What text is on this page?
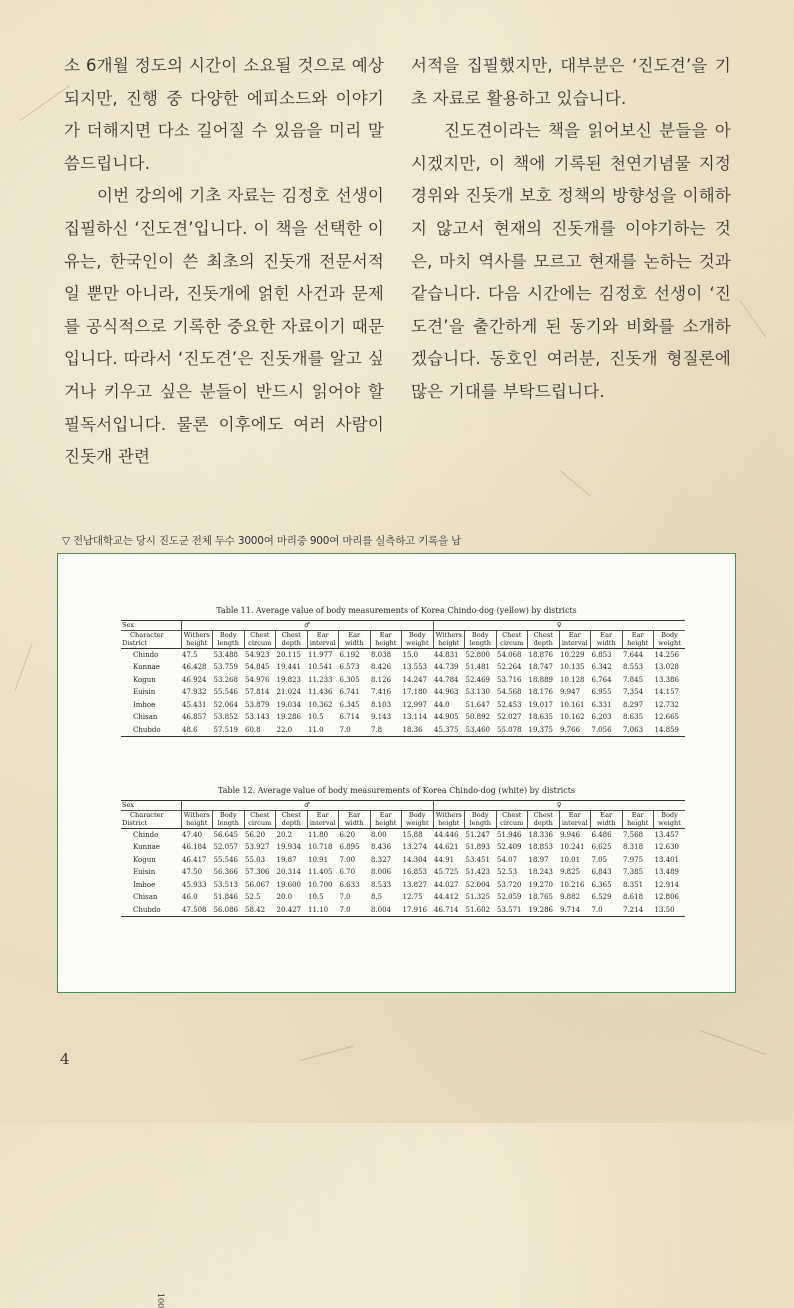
소 6개월 정도의 시간이 소요될 것으로 예상되지만, 진행 중 다양한 에피소드와 이야기가 더해지면 다소 길어질 수 있음을 미리 말씀드립니다.

이번 강의에 기초 자료는 김정호 선생이 집필하신 ‘진도견’입니다. 이 책을 선택한 이유는, 한국인이 쓴 최초의 진돗개 전문서적일 뿐만 아니라, 진돗개에 얽힌 사건과 문제를 공식적으로 기록한 중요한 자료이기 때문입니다. 따라서 ‘진도견’은 진돗개를 알고 싶거나 키우고 싶은 분들이 반드시 읽어야 할 필독서입니다. 물론 이후에도 여러 사람이 진돗개 관련

서적을 집필했지만, 대부분은 ‘진도견’을 기초 자료로 활용하고 있습니다.

진도견이라는 책을 읽어보신 분들을 아시겠지만, 이 책에 기록된 천연기념물 지정 경위와 진돗개 보호 정책의 방향성을 이해하지 않고서 현재의 진돗개를 이야기하는 것은, 마치 역사를 모르고 현재를 논하는 것과 같습니다. 다음 시간에는 김정호 선생이 ‘진도견’을 출간하게 된 동기와 비화를 소개하겠습니다. 동호인 여러분, 진돗개 형질론에 많은 기대를 부탁드립니다.

▽ 전남대학교는 당시 진도군 전체 두수 3000여 마리중 900여 마리를 실측하고 기록을 남
100
Table 11. Average value of body measurements of Korea Chindo-dog (yellow) by districts
Sex	♂								♀							

Character
District	Withers height	Body length	Chest circum	Chest depth	Ear interval	Ear width	Ear height	Body weight	Withers height	Body length	Chest circum	Chest depth	Ear interval	Ear width	Ear height	Body weight
Chindo	47.5	53.488	54.923	20.115	11.977	6.192	8.038	15.0	44.831	52.800	54.068	18.876	10.229	6.853	7.644	14.256
Kunnae	46.428	53.759	54.845	19.441	10.541	6.573	8.426	13.553	44.739	51.481	52.264	18.747	10.135	6.342	8.553	13.028
Kogun	46.924	53.268	54.976	19.823	11.233	6.305	8.126	14.247	44.784	52.469	53.716	18.889	10.128	6.764	7.845	13.386
Euisin	47.932	55.546	57.814	21.024	11.436	6.741	7.416	17.180	44.963	53.130	54.568	18.176	9.947	6.955	7.354	14.157
Imhoe	45.431	52.064	53.879	19.034	10.362	6.345	8.103	12.997	44.0	51.647	52.453	19.017	10.161	6.331	8.297	12.732
Chisan	46.857	53.852	53.143	19.286	10.5	6.714	9.143	13.114	44.905	50.892	52.027	18.635	10.162	6.203	8.635	12.665
Chubdo	48.6	57.519	60.8	22.0	11.0	7.0	7.8	18.36	45.375	53.460	55.078	19.375	9.766	7.056	7.063	14.859
Table 12. Average value of body measurements of Korea Chindo-dog (white) by districts
Sex	♂								♀							

Character
District	Withers height	Body length	Chest circum	Chest depth	Ear interval	Ear width	Ear height	Body weight	Withers height	Body length	Chest circum	Chest depth	Ear interval	Ear width	Ear height	Body weight
Chindo	47.40	56.645	56.20	20.2	11.80	6.20	8.00	15.88	44.446	51.247	51.946	18.336	9.946	6.486	7.568	13.457
Kunnae	46.184	52.057	53.927	19.934	10.718	6.895	8.436	13.274	44.621	51.893	52.409	18.853	10.241	6.625	8.318	12.630
Kogun	46.417	55.546	55.03	19.87	10.91	7.00	8.327	14.304	44.91	53.451	54.07	18.97	10.01	7.05	7.975	13.401
Euisin	47.50	56.366	57.306	20.314	11.405	6.70	8.006	16.853	45.725	51.423	52.53	18.243	9.825	6.843	7.385	13.489
Imhoe	45.933	53.513	56.067	19.600	10.700	6.633	8.533	13.827	44.027	52.004	53.720	19.270	10.216	6.365	8.351	12.914
Chisan	46.0	51.846	52.5	20.0	10.5	7.0	8.5	12.75	44.412	51.325	52.059	18.765	9.882	6.529	8.618	12.806
Chubdo	47.508	56.086	58.42	20.427	11.10	7.0	8.004	17.916	46.714	51.602	53.571	19.286	9.714	7.0	7.214	13.50
4
